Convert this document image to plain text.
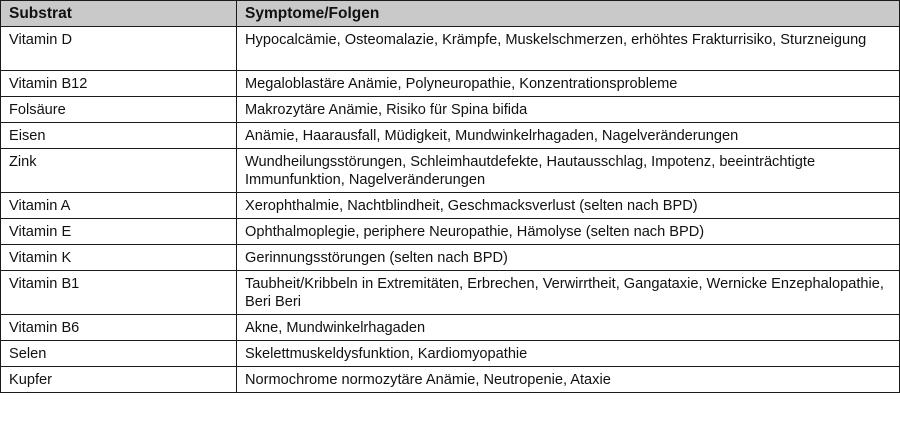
Substrat	Symptome/Folgen
Vitamin D	Hypocalcämie, Osteomalazie, Krämpfe, Muskelschmerzen, erhöhtes Frakturrisiko, Sturzneigung
Vitamin B12	Megaloblastäre Anämie, Polyneuropathie, Konzentrationsprobleme
Folsäure	Makrozytäre Anämie, Risiko für Spina bifida
Eisen	Anämie, Haarausfall, Müdigkeit, Mundwinkelrhagaden, Nagelveränderungen
Zink	Wundheilungsstörungen, Schleimhautdefekte, Hautausschlag, Impotenz, beeinträchtigte Immunfunktion, Nagelveränderungen
Vitamin A	Xerophthalmie, Nachtblindheit, Geschmacksverlust (selten nach BPD)
Vitamin E	Ophthalmoplegie, periphere Neuropathie, Hämolyse (selten nach BPD)
Vitamin K	Gerinnungsstörungen (selten nach BPD)
Vitamin B1	Taubheit/Kribbeln in Extremitäten, Erbrechen, Verwirrtheit, Gangataxie, Wernicke Enzephalopathie, Beri Beri
Vitamin B6	Akne, Mundwinkelrhagaden
Selen	Skelettmuskeldysfunktion, Kardiomyopathie
Kupfer	Normochrome normozytäre Anämie, Neutropenie, Ataxie
